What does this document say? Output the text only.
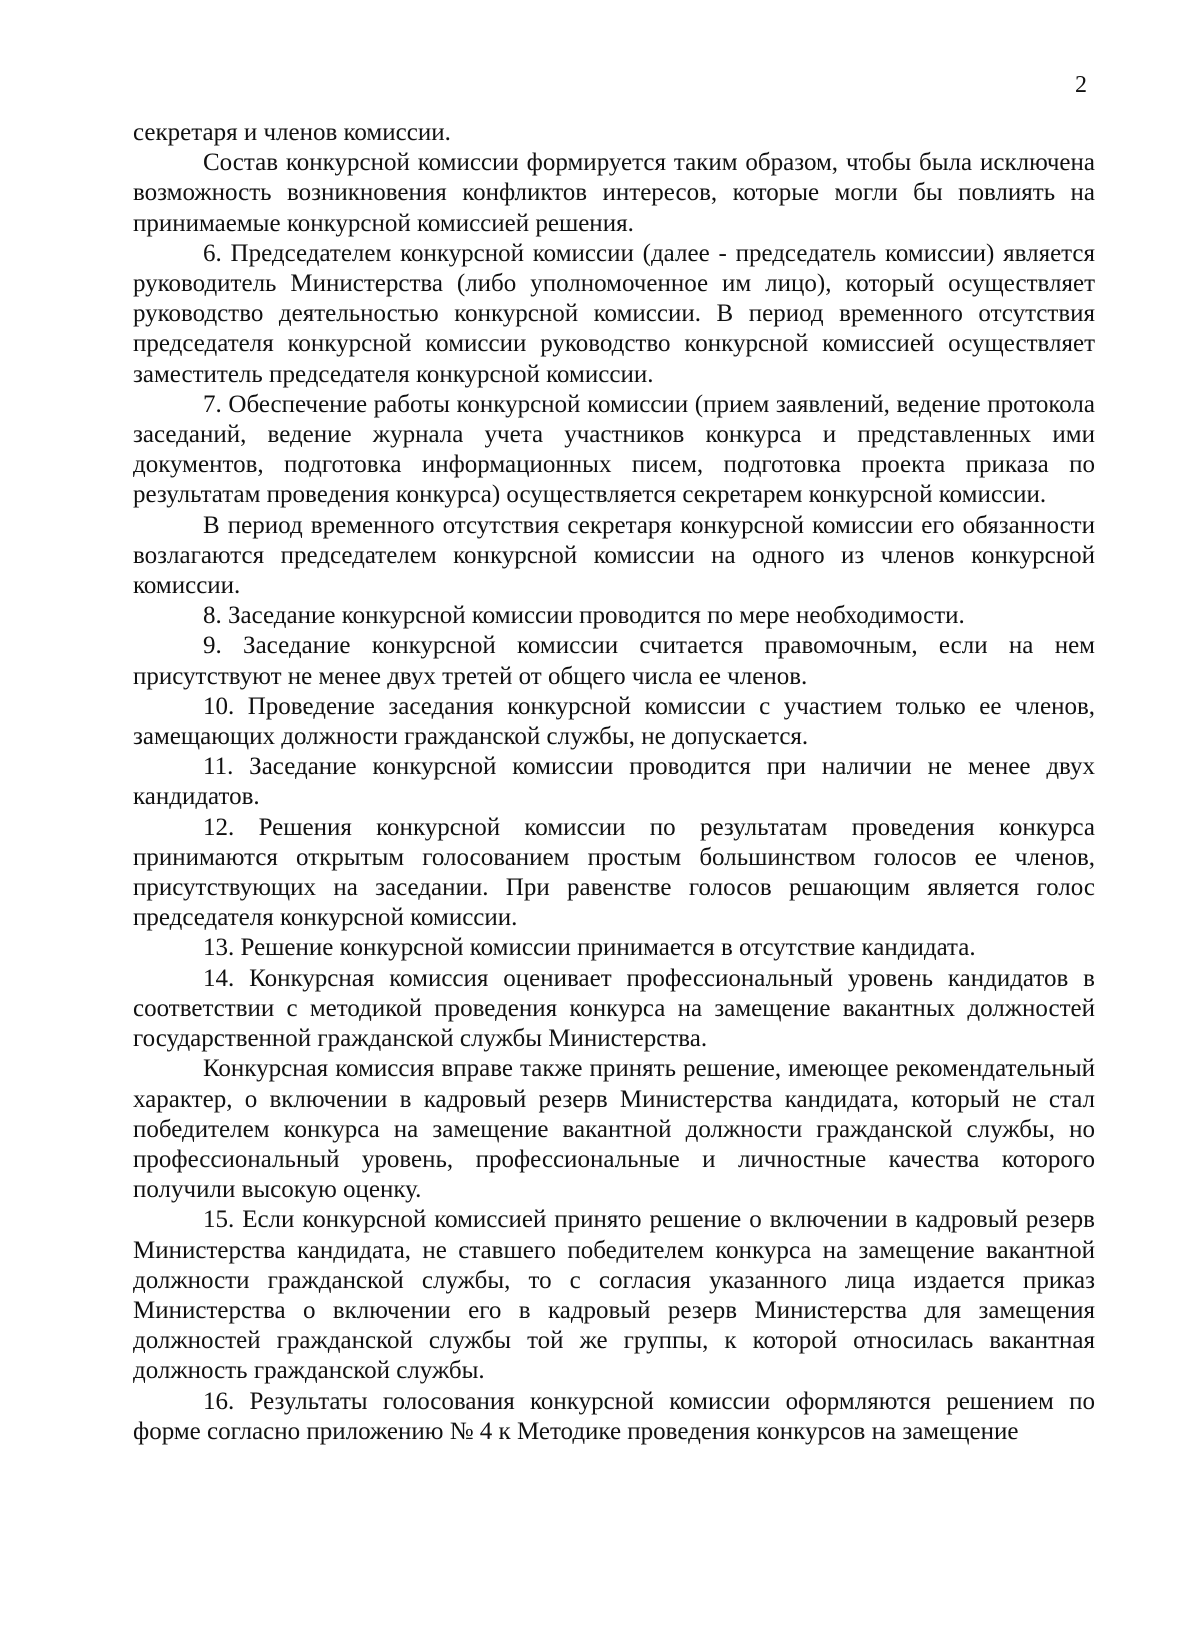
2

секретаря и членов комиссии.

Состав конкурсной комиссии формируется таким образом, чтобы была исключена возможность возникновения конфликтов интересов, которые могли бы повлиять на принимаемые конкурсной комиссией решения.

6. Председателем конкурсной комиссии (далее - председатель комиссии) является руководитель Министерства (либо уполномоченное им лицо), который осуществляет руководство деятельностью конкурсной комиссии. В период временного отсутствия председателя конкурсной комиссии руководство конкурсной комиссией осуществляет заместитель председателя конкурсной комиссии.

7. Обеспечение работы конкурсной комиссии (прием заявлений, ведение протокола заседаний, ведение журнала учета участников конкурса и представленных ими документов, подготовка информационных писем, подготовка проекта приказа по результатам проведения конкурса) осуществляется секретарем конкурсной комиссии.

В период временного отсутствия секретаря конкурсной комиссии его обязанности возлагаются председателем конкурсной комиссии на одного из членов конкурсной комиссии.

8. Заседание конкурсной комиссии проводится по мере необходимости.

9. Заседание конкурсной комиссии считается правомочным, если на нем присутствуют не менее двух третей от общего числа ее членов.

10. Проведение заседания конкурсной комиссии с участием только ее членов, замещающих должности гражданской службы, не допускается.

11. Заседание конкурсной комиссии проводится при наличии не менее двух кандидатов.

12. Решения конкурсной комиссии по результатам проведения конкурса принимаются открытым голосованием простым большинством голосов ее членов, присутствующих на заседании. При равенстве голосов решающим является голос председателя конкурсной комиссии.

13. Решение конкурсной комиссии принимается в отсутствие кандидата.

14. Конкурсная комиссия оценивает профессиональный уровень кандидатов в соответствии с методикой проведения конкурса на замещение вакантных должностей государственной гражданской службы Министерства.

Конкурсная комиссия вправе также принять решение, имеющее рекомендательный характер, о включении в кадровый резерв Министерства кандидата, который не стал победителем конкурса на замещение вакантной должности гражданской службы, но профессиональный уровень, профессиональные и личностные качества которого получили высокую оценку.

15. Если конкурсной комиссией принято решение о включении в кадровый резерв Министерства кандидата, не ставшего победителем конкурса на замещение вакантной должности гражданской службы, то с согласия указанного лица издается приказ Министерства о включении его в кадровый резерв Министерства для замещения должностей гражданской службы той же группы, к которой относилась вакантная должность гражданской службы.

16. Результаты голосования конкурсной комиссии оформляются решением по форме согласно приложению № 4 к Методике проведения конкурсов на замещение
